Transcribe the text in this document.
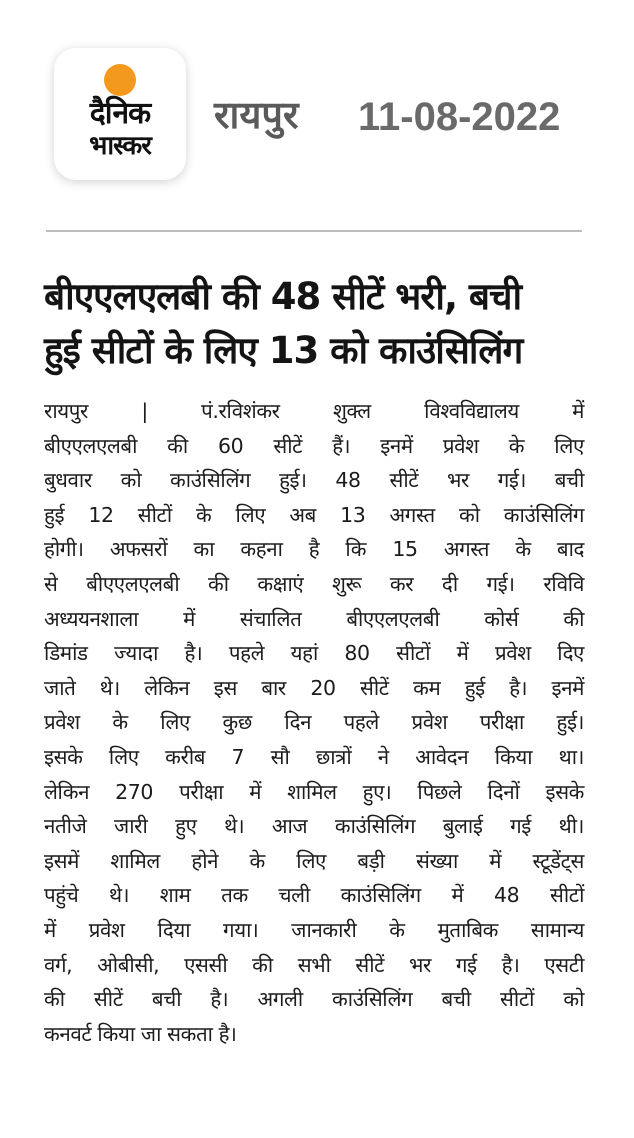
दैनिक
भास्कर
रायपुर 11-08-2022
बीएएलएलबी की 48 सीटें भरी, बची
हुई सीटों के लिए 13 को काउंसिलिंग
रायपुर | पं.रविशंकर शुक्ल विश्वविद्यालय में
बीएएलएलबी की 60 सीटें हैं। इनमें प्रवेश के लिए
बुधवार को काउंसिलिंग हुई। 48 सीटें भर गई। बची
हुई 12 सीटों के लिए अब 13 अगस्त को काउंसिलिंग
होगी। अफसरों का कहना है कि 15 अगस्त के बाद
से बीएएलएलबी की कक्षाएं शुरू कर दी गई। रविवि
अध्ययनशाला में संचालित बीएएलएलबी कोर्स की
डिमांड ज्यादा है। पहले यहां 80 सीटों में प्रवेश दिए
जाते थे। लेकिन इस बार 20 सीटें कम हुई है। इनमें
प्रवेश के लिए कुछ दिन पहले प्रवेश परीक्षा हुई।
इसके लिए करीब 7 सौ छात्रों ने आवेदन किया था।
लेकिन 270 परीक्षा में शामिल हुए। पिछले दिनों इसके
नतीजे जारी हुए थे। आज काउंसिलिंग बुलाई गई थी।
इसमें शामिल होने के लिए बड़ी संख्या में स्टूडेंट्स
पहुंचे थे। शाम तक चली काउंसिलिंग में 48 सीटों
में प्रवेश दिया गया। जानकारी के मुताबिक सामान्य
वर्ग, ओबीसी, एससी की सभी सीटें भर गई है। एसटी
की सीटें बची है। अगली काउंसिलिंग बची सीटों को
कनवर्ट किया जा सकता है।
